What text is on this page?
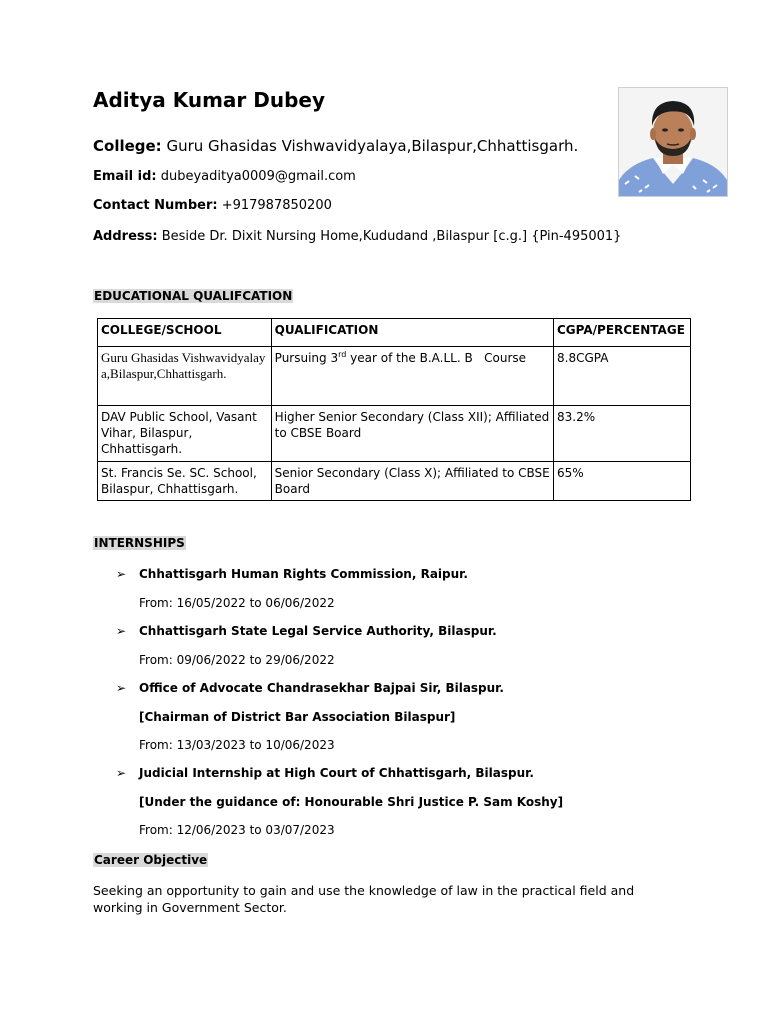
Aditya Kumar Dubey
College: Guru Ghasidas Vishwavidyalaya,Bilaspur,Chhattisgarh.
Email id: dubeyaditya0009@gmail.com
Contact Number: +917987850200
Address: Beside Dr. Dixit Nursing Home,Kududand ,Bilaspur [c.g.] {Pin-495001}
EDUCATIONAL QUALIFCATION
COLLEGE/SCHOOL	QUALIFICATION	CGPA/PERCENTAGE
Guru Ghasidas Vishwavidyalaya,Bilaspur,Chhattisgarh.	Pursuing 3rd year of the B.A.LL. B   Course	8.8CGPA
DAV Public School, Vasant Vihar, Bilaspur, Chhattisgarh.	Higher Senior Secondary (Class XII); Affiliated to CBSE Board	83.2%
St. Francis Se. SC. School, Bilaspur, Chhattisgarh.	Senior Secondary (Class X); Affiliated to CBSE Board	65%
INTERNSHIPS
➢ Chhattisgarh Human Rights Commission, Raipur.
From: 16/05/2022 to 06/06/2022
➢ Chhattisgarh State Legal Service Authority, Bilaspur.
From: 09/06/2022 to 29/06/2022
➢ Office of Advocate Chandrasekhar Bajpai Sir, Bilaspur.
[Chairman of District Bar Association Bilaspur]
From: 13/03/2023 to 10/06/2023
➢ Judicial Internship at High Court of Chhattisgarh, Bilaspur.
[Under the guidance of: Honourable Shri Justice P. Sam Koshy]
From: 12/06/2023 to 03/07/2023
Career Objective
Seeking an opportunity to gain and use the knowledge of law in the practical field and working in Government Sector.
